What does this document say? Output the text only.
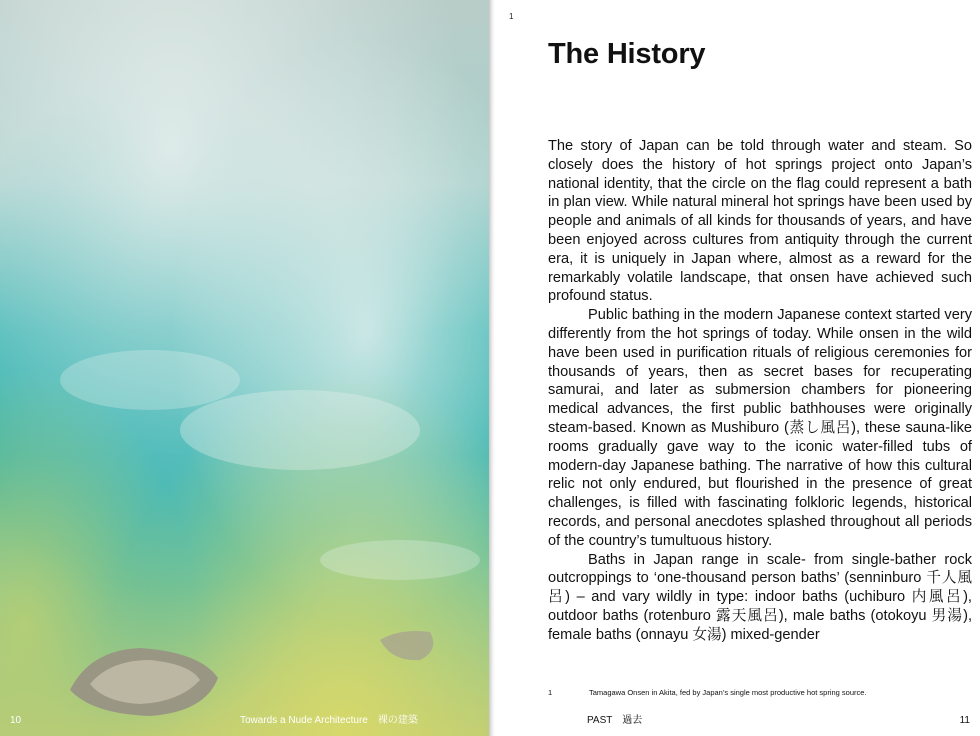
10	Towards a Nude Architecture　裸の建築
1
The History

The story of Japan can be told through water and steam. So closely does the history of hot springs project onto Japan’s national identity, that the circle on the flag could represent a bath in plan view. While natural mineral hot springs have been used by people and animals of all kinds for thousands of years, and have been enjoyed across cultures from antiquity through the current era, it is uniquely in Japan where, almost as a reward for the remarkably volatile landscape, that onsen have achieved such profound status.

Public bathing in the modern Japanese context started very differently from the hot springs of today. While onsen in the wild have been used in purification rituals of religious ceremonies for thousands of years, then as secret bases for recuperating samurai, and later as submersion chambers for pioneering medical advances, the first public bathhouses were originally steam-based. Known as Mushiburo (蒸し風呂), these sauna-like rooms gradually gave way to the iconic water-filled tubs of modern-day Japanese bathing. The narrative of how this cultural relic not only endured, but flourished in the presence of great challenges, is filled with fascinating folkloric legends, historical records, and personal anecdotes splashed throughout all periods of the country’s tumultuous history.

Baths in Japan range in scale- from single-bather rock outcroppings to ‘one-thousand person baths’ (senninburo 千人風呂) – and vary wildly in type: indoor baths (uchiburo 内風呂), outdoor baths (rotenburo 露天風呂), male baths (otokoyu 男湯), female baths (onnayu 女湯) mixed-gender

1	Tamagawa Onsen in Akita, fed by Japan’s single most productive hot spring source.
PAST　過去	11
